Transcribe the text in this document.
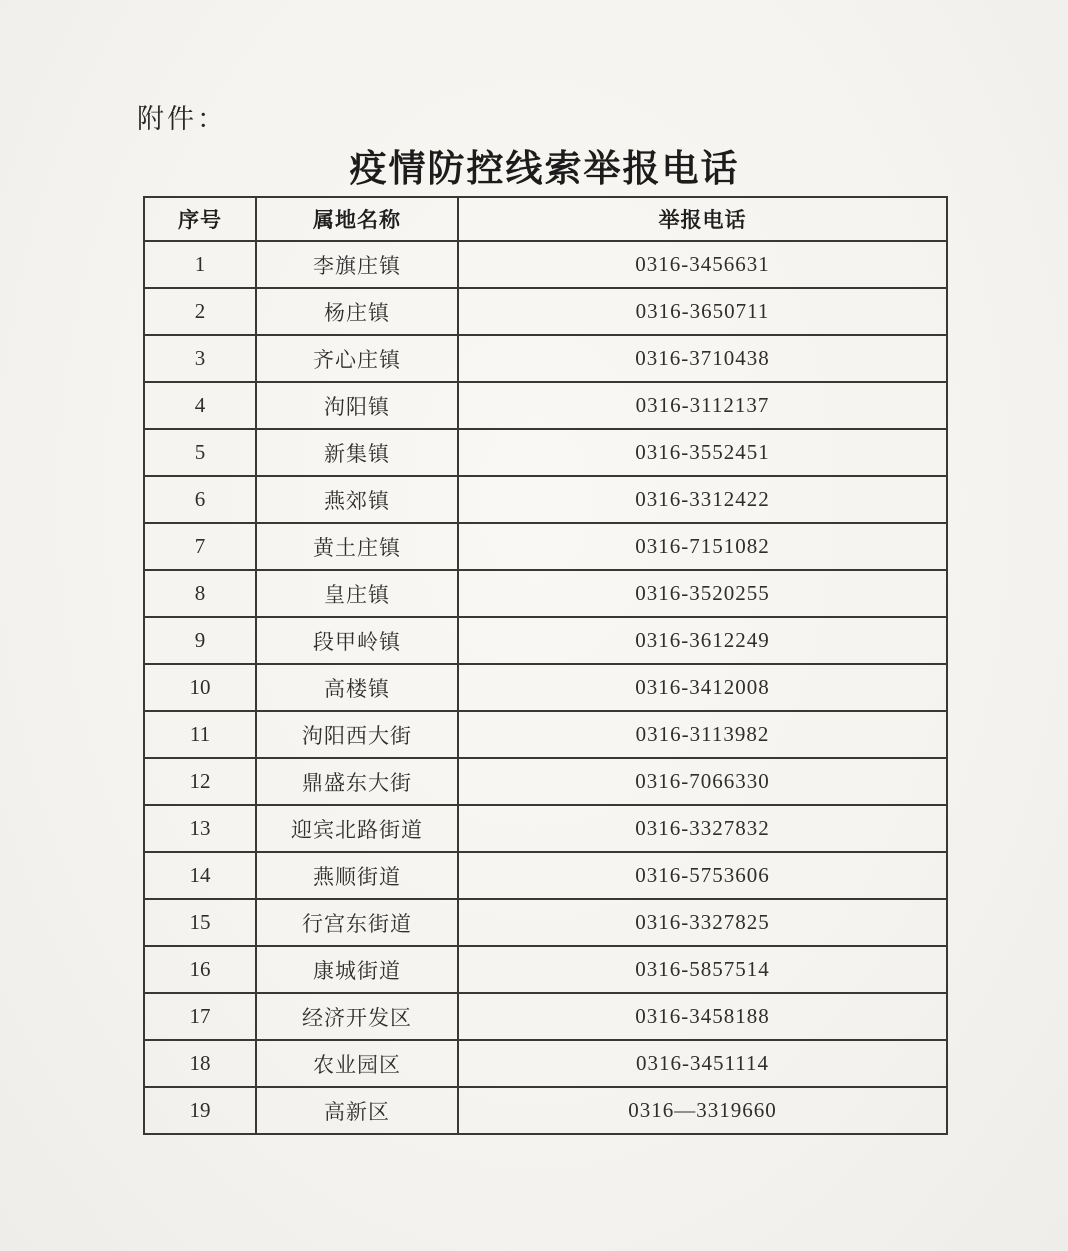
附件：
疫情防控线索举报电话
序号	属地名称	举报电话
1	李旗庄镇	0316-3456631
2	杨庄镇	0316-3650711
3	齐心庄镇	0316-3710438
4	泃阳镇	0316-3112137
5	新集镇	0316-3552451
6	燕郊镇	0316-3312422
7	黄土庄镇	0316-7151082
8	皇庄镇	0316-3520255
9	段甲岭镇	0316-3612249
10	高楼镇	0316-3412008
11	泃阳西大街	0316-3113982
12	鼎盛东大街	0316-7066330
13	迎宾北路街道	0316-3327832
14	燕顺街道	0316-5753606
15	行宫东街道	0316-3327825
16	康城街道	0316-5857514
17	经济开发区	0316-3458188
18	农业园区	0316-3451114
19	高新区	0316—3319660
